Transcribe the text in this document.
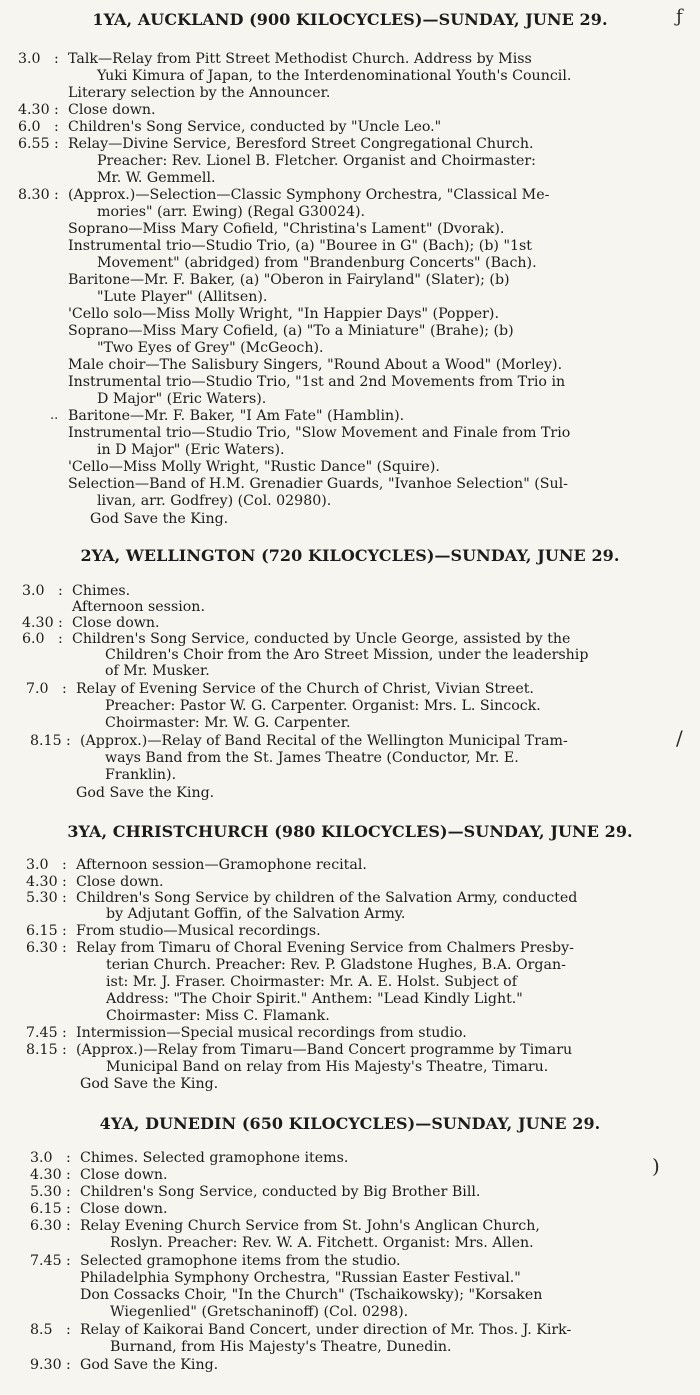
1YA, AUCKLAND (900 KILOCYCLES)—SUNDAY, JUNE 29.	ƒ
3.0 : Talk—Relay from Pitt Street Methodist Church. Address by Miss
Yuki Kimura of Japan, to the Interdenominational Youth's Council.
Literary selection by the Announcer.
4.30 : Close down.
6.0 : Children's Song Service, conducted by "Uncle Leo."
6.55 : Relay—Divine Service, Beresford Street Congregational Church.
Preacher: Rev. Lionel B. Fletcher. Organist and Choirmaster:
Mr. W. Gemmell.
8.30 : (Approx.)—Selection—Classic Symphony Orchestra, "Classical Me-
mories" (arr. Ewing) (Regal G30024).
Soprano—Miss Mary Cofield, "Christina's Lament" (Dvorak).
Instrumental trio—Studio Trio, (a) "Bouree in G" (Bach); (b) "1st
Movement" (abridged) from "Brandenburg Concerts" (Bach).
Baritone—Mr. F. Baker, (a) "Oberon in Fairyland" (Slater); (b)
"Lute Player" (Allitsen).
'Cello solo—Miss Molly Wright, "In Happier Days" (Popper).
Soprano—Miss Mary Cofield, (a) "To a Miniature" (Brahe); (b)
"Two Eyes of Grey" (McGeoch).
Male choir—The Salisbury Singers, "Round About a Wood" (Morley).
Instrumental trio—Studio Trio, "1st and 2nd Movements from Trio in
D Major" (Eric Waters).
.. Baritone—Mr. F. Baker, "I Am Fate" (Hamblin).
Instrumental trio—Studio Trio, "Slow Movement and Finale from Trio
in D Major" (Eric Waters).
'Cello—Miss Molly Wright, "Rustic Dance" (Squire).
Selection—Band of H.M. Grenadier Guards, "Ivanhoe Selection" (Sul-
livan, arr. Godfrey) (Col. 02980).
God Save the King.
2YA, WELLINGTON (720 KILOCYCLES)—SUNDAY, JUNE 29.
3.0 : Chimes.
Afternoon session.
4.30 : Close down.
6.0 : Children's Song Service, conducted by Uncle George, assisted by the
Children's Choir from the Aro Street Mission, under the leadership
of Mr. Musker.
7.0 : Relay of Evening Service of the Church of Christ, Vivian Street.
Preacher: Pastor W. G. Carpenter. Organist: Mrs. L. Sincock.
Choirmaster: Mr. W. G. Carpenter.
8.15 : (Approx.)—Relay of Band Recital of the Wellington Municipal Tram-	/
ways Band from the St. James Theatre (Conductor, Mr. E.
Franklin).
God Save the King.
3YA, CHRISTCHURCH (980 KILOCYCLES)—SUNDAY, JUNE 29.
3.0 : Afternoon session—Gramophone recital.
4.30 : Close down.
5.30 : Children's Song Service by children of the Salvation Army, conducted
by Adjutant Goffin, of the Salvation Army.
6.15 : From studio—Musical recordings.
6.30 : Relay from Timaru of Choral Evening Service from Chalmers Presby-
terian Church. Preacher: Rev. P. Gladstone Hughes, B.A. Organ-
ist: Mr. J. Fraser. Choirmaster: Mr. A. E. Holst. Subject of
Address: "The Choir Spirit." Anthem: "Lead Kindly Light."
Choirmaster: Miss C. Flamank.
7.45 : Intermission—Special musical recordings from studio.
8.15 : (Approx.)—Relay from Timaru—Band Concert programme by Timaru
Municipal Band on relay from His Majesty's Theatre, Timaru.
God Save the King.
4YA, DUNEDIN (650 KILOCYCLES)—SUNDAY, JUNE 29.
)
3.0 : Chimes. Selected gramophone items.
4.30 : Close down.
5.30 : Children's Song Service, conducted by Big Brother Bill.
6.15 : Close down.
6.30 : Relay Evening Church Service from St. John's Anglican Church,
Roslyn. Preacher: Rev. W. A. Fitchett. Organist: Mrs. Allen.
7.45 : Selected gramophone items from the studio.
Philadelphia Symphony Orchestra, "Russian Easter Festival."
Don Cossacks Choir, "In the Church" (Tschaikowsky); "Korsaken
Wiegenlied" (Gretschaninoff) (Col. 0298).
8.5 : Relay of Kaikorai Band Concert, under direction of Mr. Thos. J. Kirk-
Burnand, from His Majesty's Theatre, Dunedin.
9.30 : God Save the King.
